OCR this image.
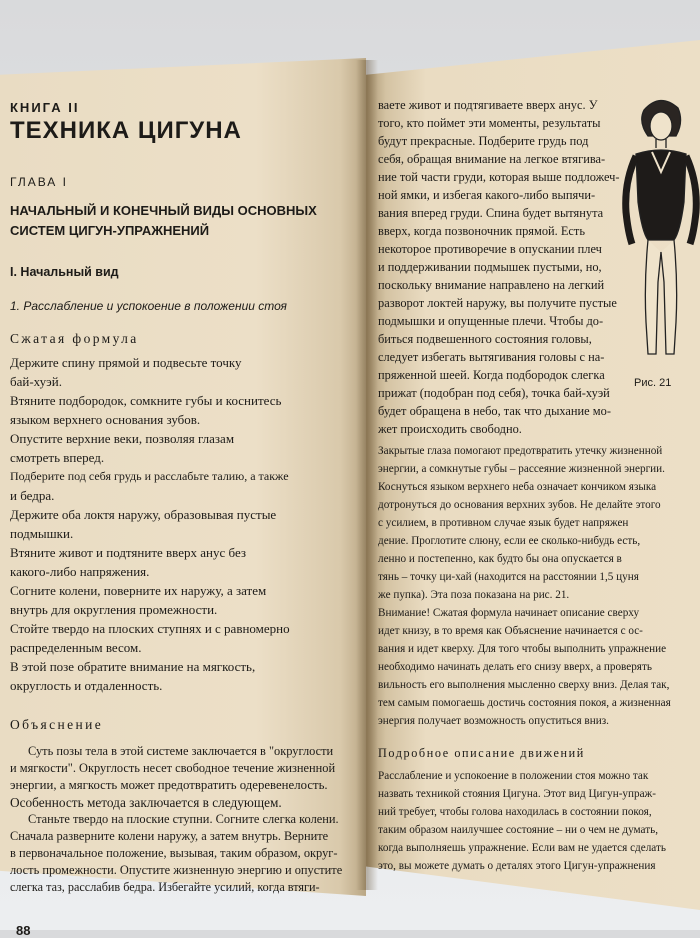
КНИГА II
ТЕХНИКА ЦИГУНА
ГЛАВА I
НАЧАЛЬНЫЙ И КОНЕЧНЫЙ ВИДЫ ОСНОВНЫХ СИСТЕМ ЦИГУН-УПРАЖНЕНИЙ
I. Начальный вид
1. Расслабление и успокоение в положении стоя
Сжатая формула

Держите спину прямой и подвесьте точку

бай-хуэй.

Втяните подбородок, сомкните губы и коснитесь

языком верхнего основания зубов.

Опустите верхние веки, позволяя глазам

смотреть вперед.

Подберите под себя грудь и расслабьте талию, а также

и бедра.

Держите оба локтя наружу, образовывая пустые

подмышки.

Втяните живот и подтяните вверх анус без

какого-либо напряжения.

Согните колени, поверните их наружу, а затем

внутрь для округления промежности.

Стойте твердо на плоских ступнях и с равномерно

распределенным весом.

В этой позе обратите внимание на мягкость,

округлость и отдаленность.

Объяснение

Суть позы тела в этой системе заключается в "округлости

и мягкости". Округлость несет свободное течение жизненной

энергии, а мягкость может предотвратить одеревенелость.

Особенность метода заключается в следующем.

Станьте твердо на плоские ступни. Согните слегка колени.

Сначала разверните колени наружу, а затем внутрь. Верните

в первоначальное положение, вызывая, таким образом, округ-

лость промежности. Опустите жизненную энергию и опустите

слегка таз, расслабив бедра. Избегайте усилий, когда втяги-

88

ваете живот и подтягиваете вверх анус. У

того, кто поймет эти моменты, результаты

будут прекрасные. Подберите грудь под

себя, обращая внимание на легкое втягива-

ние той части груди, которая выше подложеч-

ной ямки, и избегая какого-либо выпячи-

вания вперед груди. Спина будет вытянута

вверх, когда позвоночник прямой. Есть

некоторое противоречие в опускании плеч

и поддерживании подмышек пустыми, но,

поскольку внимание направлено на легкий

разворот локтей наружу, вы получите пустые

подмышки и опущенные плечи. Чтобы до-

биться подвешенного состояния головы,

следует избегать вытягивания головы с на-

пряженной шеей. Когда подбородок слегка

прижат (подобран под себя), точка бай-хуэй

будет обращена в небо, так что дыхание мо-

жет происходить свободно.

Закрытые глаза помогают предотвратить утечку жизненной

энергии, а сомкнутые губы – рассеяние жизненной энергии.

Коснуться языком верхнего неба означает кончиком языка

дотронуться до основания верхних зубов. Не делайте этого

с усилием, в противном случае язык будет напряжен

дение. Проглотите слюну, если ее сколько-нибудь есть,

ленно и постепенно, как будто бы она опускается в

тянь – точку ци-хай (находится на расстоянии 1,5 цуня

же пупка). Эта поза показана на рис. 21.

Внимание! Сжатая формула начинает описание сверху

идет книзу, в то время как Объяснение начинается с ос-

вания и идет кверху. Для того чтобы выполнить упражнение

необходимо начинать делать его снизу вверх, а проверять

вильность его выполнения мысленно сверху вниз. Делая так,

тем самым помогаешь достичь состояния покоя, а жизненная

энергия получает возможность опуститься вниз.

Подробное описание движений

Расслабление и успокоение в положении стоя можно так

назвать техникой стояния Цигуна. Этот вид Цигун-упраж-

ний требует, чтобы голова находилась в состоянии покоя,

таким образом наилучшее состояние – ни о чем не думать,

когда выполняешь упражнение. Если вам не удается сделать

это, вы можете думать о деталях этого Цигун-упражнения

Рис. 21
